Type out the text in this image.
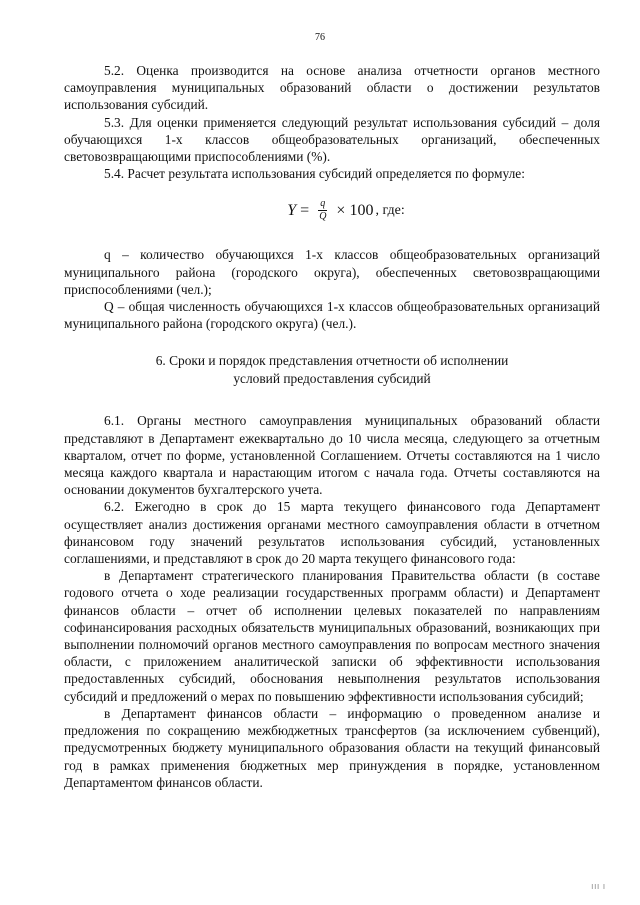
76

5.2. Оценка производится на основе анализа отчетности органов местного самоуправления муниципальных образований области о достижении результатов использования субсидий.

5.3. Для оценки применяется следующий результат использования субсидий – доля обучающихся 1-х классов общеобразовательных организаций, обеспеченных световозвращающими приспособлениями (%).

5.4. Расчет результата использования субсидий определяется по формуле:

$Y = \frac{q}{Q} \times 100$ , где:

q – количество обучающихся 1-х классов общеобразовательных организаций муниципального района (городского округа), обеспеченных световозвращающими приспособлениями (чел.);

Q – общая численность обучающихся 1-х классов общеобразовательных организаций муниципального района (городского округа) (чел.).

6. Сроки и порядок представления отчетности об исполнении
условий предоставления субсидий

6.1. Органы местного самоуправления муниципальных образований области представляют в Департамент ежеквартально до 10 числа месяца, следующего за отчетным кварталом, отчет по форме, установленной Соглашением. Отчеты составляются на 1 число месяца каждого квартала и нарастающим итогом с начала года. Отчеты составляются на основании документов бухгалтерского учета.

6.2. Ежегодно в срок до 15 марта текущего финансового года Департамент осуществляет анализ достижения органами местного самоуправления области в отчетном финансовом году значений результатов использования субсидий, установленных соглашениями, и представляют в срок до 20 марта текущего финансового года:

в Департамент стратегического планирования Правительства области (в составе годового отчета о ходе реализации государственных программ области) и Департамент финансов области – отчет об исполнении целевых показателей по направлениям софинансирования расходных обязательств муниципальных образований, возникающих при выполнении полномочий органов местного самоуправления по вопросам местного значения области, с приложением аналитической записки об эффективности использования предоставленных субсидий, обоснования невыполнения результатов использования субсидий и предложений о мерах по повышению эффективности использования субсидий;

в Департамент финансов области – информацию о проведенном анализе и предложения по сокращению межбюджетных трансфертов (за исключением субвенций), предусмотренных бюджету муниципального образования области на текущий финансовый год в рамках применения бюджетных мер принуждения в порядке, установленном Департаментом финансов области.

III I
